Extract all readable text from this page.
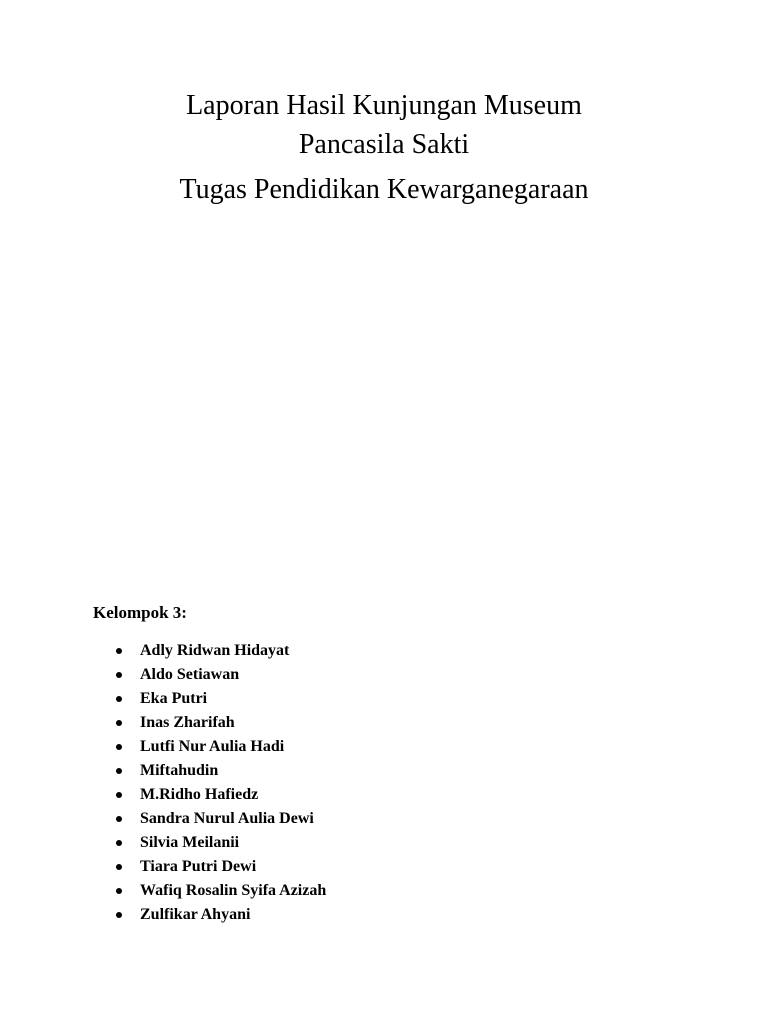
Laporan Hasil Kunjungan Museum
Pancasila Sakti
Tugas Pendidikan Kewarganegaraan
Kelompok 3:
Adly Ridwan Hidayat
Aldo Setiawan
Eka Putri
Inas Zharifah
Lutfi Nur Aulia Hadi
Miftahudin
M.Ridho Hafiedz
Sandra Nurul Aulia Dewi
Silvia Meilanii
Tiara Putri Dewi
Wafiq Rosalin Syifa Azizah
Zulfikar Ahyani
